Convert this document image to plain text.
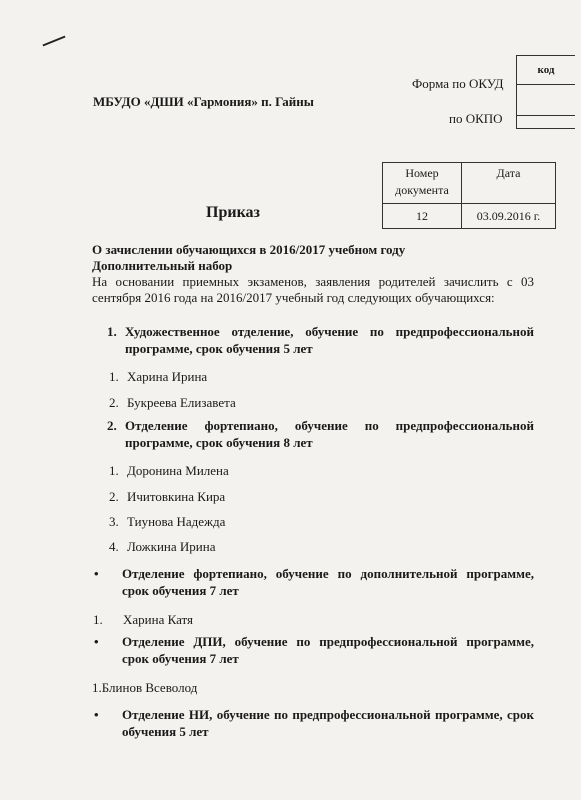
код
Форма по ОКУД
по ОКПО
МБУДО «ДШИ «Гармония» п. Гайны
Номер документа	Дата
12	03.09.2016 г.
Приказ
О зачислении обучающихся в 2016/2017 учебном году
Дополнительный набор

На основании приемных экзаменов, заявления родителей зачислить с 03 сентября 2016 года на 2016/2017 учебный год следующих обучающихся:

1. Художественное отделение, обучение по предпрофессиональной программе, срок обучения 5 лет
1. Харина Ирина
2. Букреева Елизавета
2. Отделение фортепиано, обучение по предпрофессиональной программе, срок обучения 8 лет
1. Доронина Милена
2. Ичитовкина Кира
3. Тиунова Надежда
4. Ложкина Ирина
•	Отделение фортепиано, обучение по дополнительной программе, срок обучения 7 лет
1. Харина Катя
•	Отделение ДПИ, обучение по предпрофессиональной программе, срок обучения 7 лет
1.Блинов Всеволод
•	Отделение НИ, обучение по предпрофессиональной программе, срок обучения 5 лет
